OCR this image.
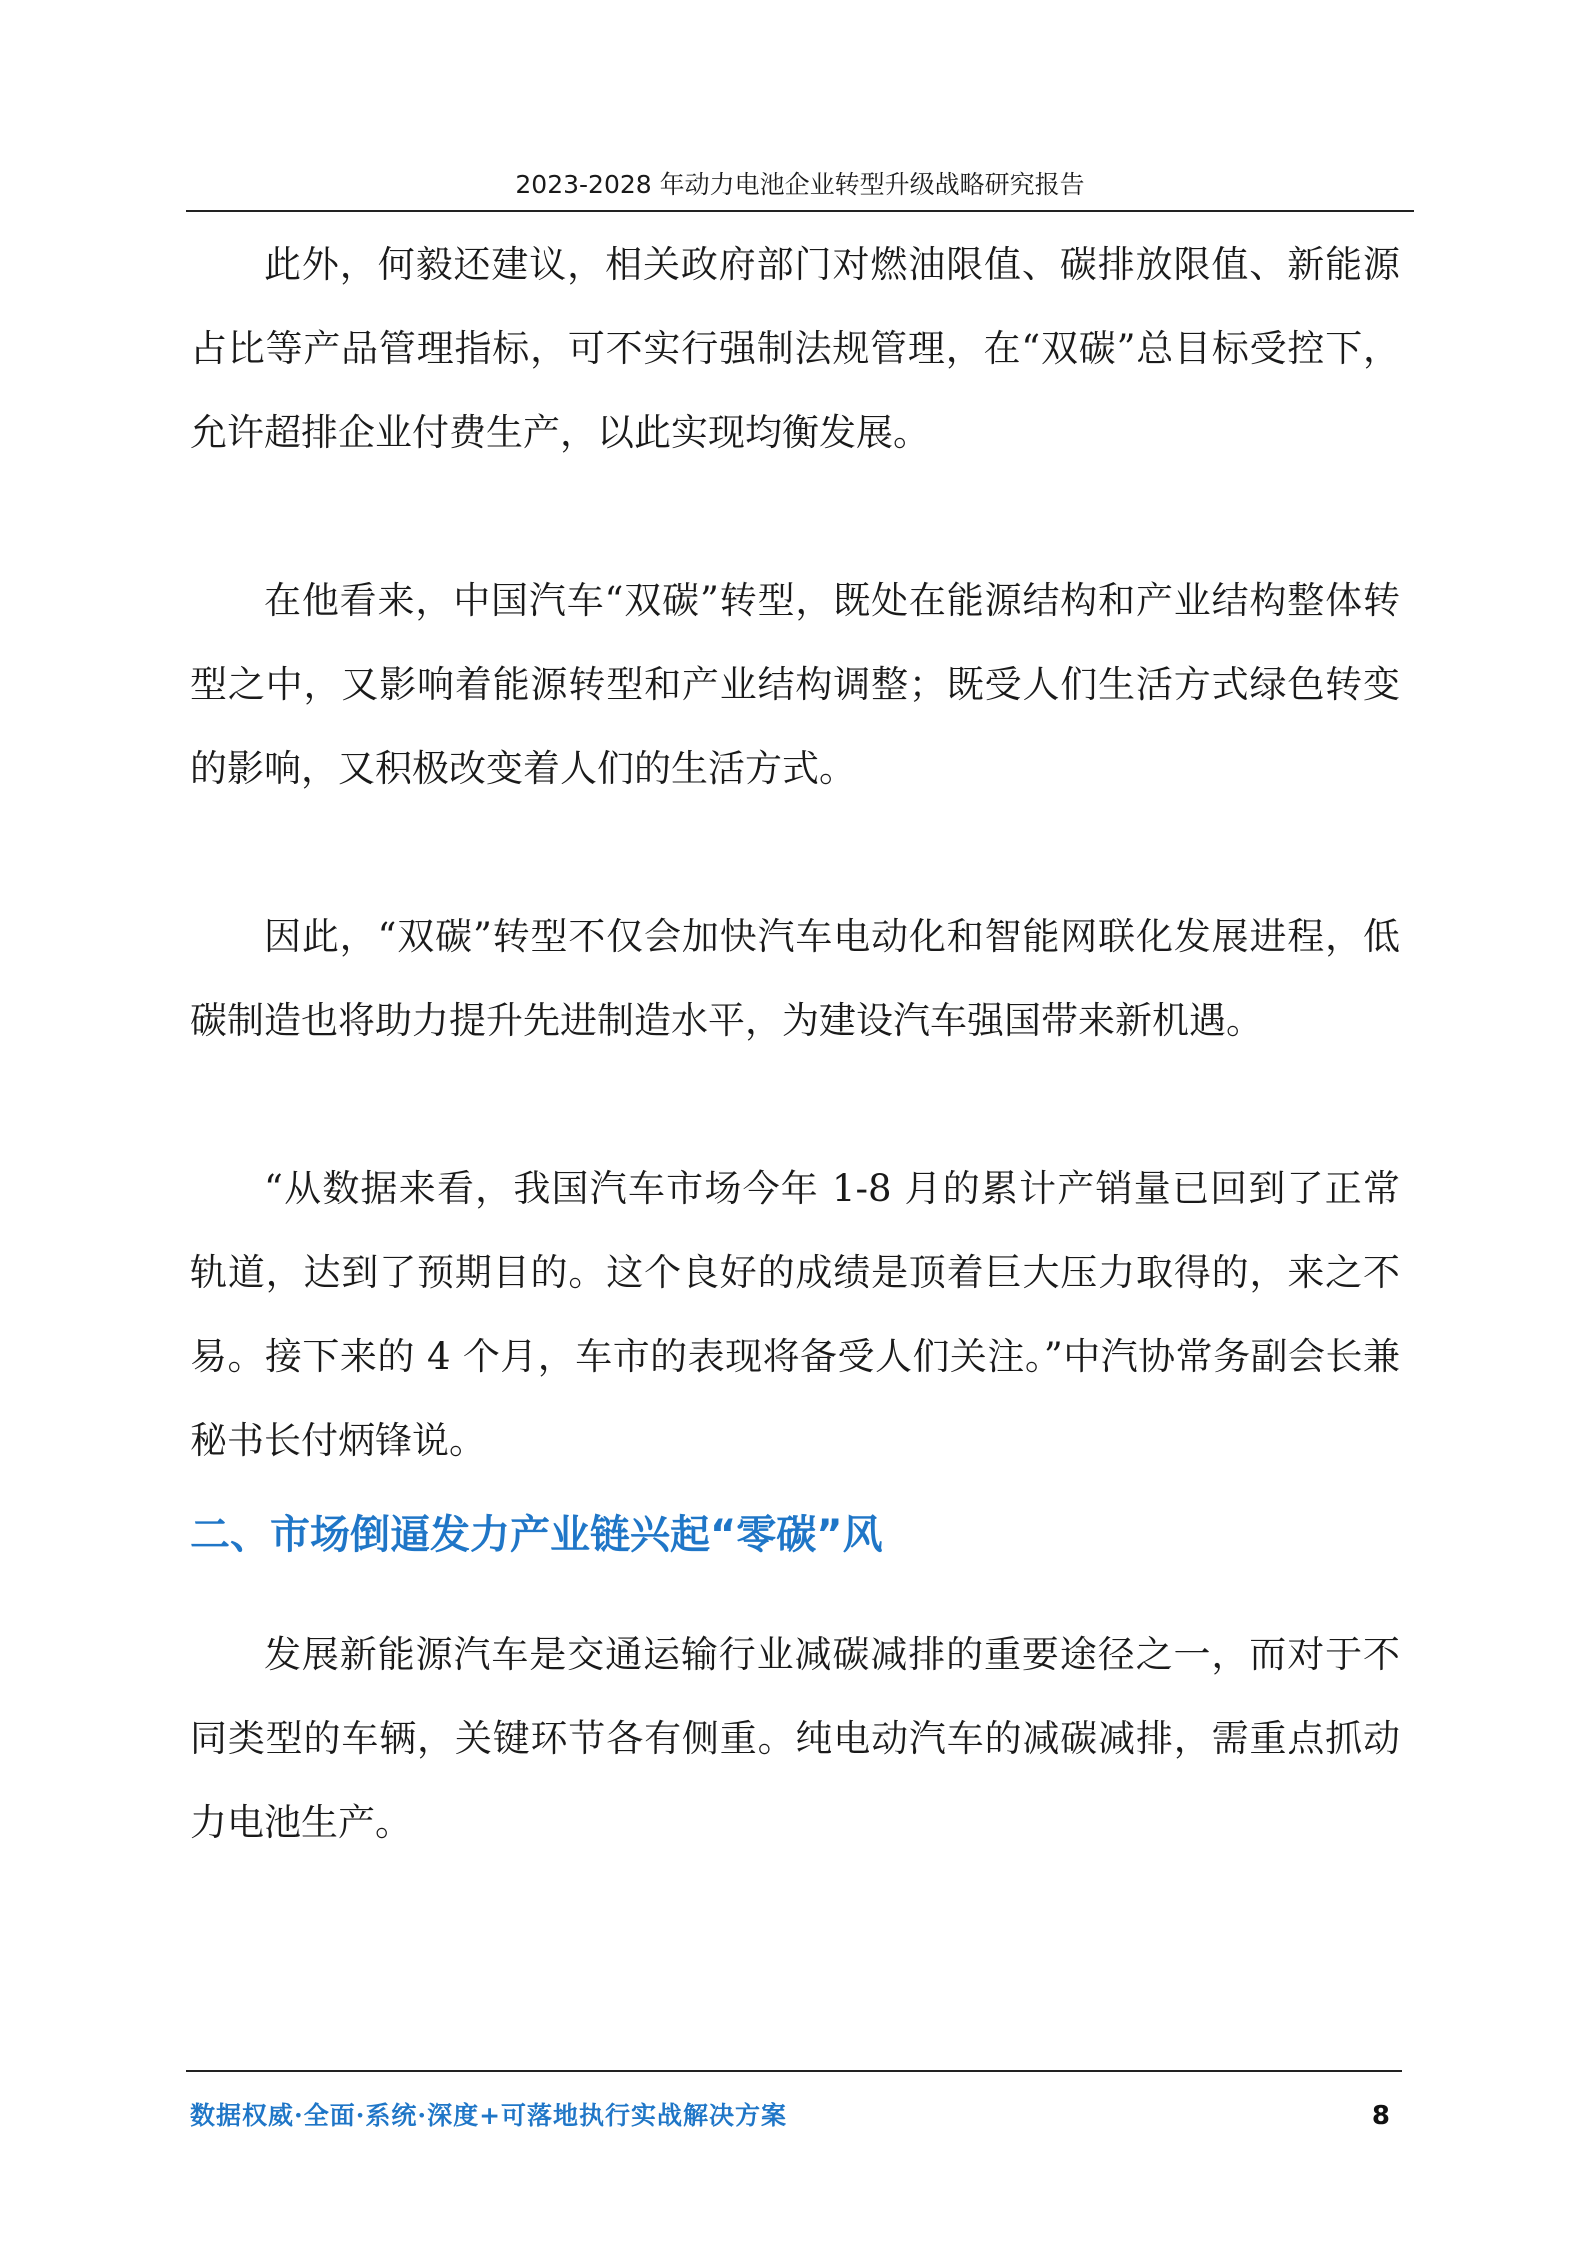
2023-2028 年动力电池企业转型升级战略研究报告

此外，何毅还建议，相关政府部门对燃油限值、碳排放限值、新能源占比等产品管理指标，可不实行强制法规管理，在“双碳”总目标受控下，允许超排企业付费生产，以此实现均衡发展。

在他看来，中国汽车“双碳”转型，既处在能源结构和产业结构整体转型之中，又影响着能源转型和产业结构调整；既受人们生活方式绿色转变的影响，又积极改变着人们的生活方式。

因此，“双碳”转型不仅会加快汽车电动化和智能网联化发展进程，低碳制造也将助力提升先进制造水平，为建设汽车强国带来新机遇。

“从数据来看，我国汽车市场今年 1-8 月的累计产销量已回到了正常轨道，达到了预期目的。这个良好的成绩是顶着巨大压力取得的，来之不易。接下来的 4 个月，车市的表现将备受人们关注。”中汽协常务副会长兼秘书长付炳锋说。

二、市场倒逼发力产业链兴起“零碳”风

发展新能源汽车是交通运输行业减碳减排的重要途径之一，而对于不同类型的车辆，关键环节各有侧重。纯电动汽车的减碳减排，需重点抓动力电池生产。

数据权威·全面·系统·深度+可落地执行实战解决方案	8
